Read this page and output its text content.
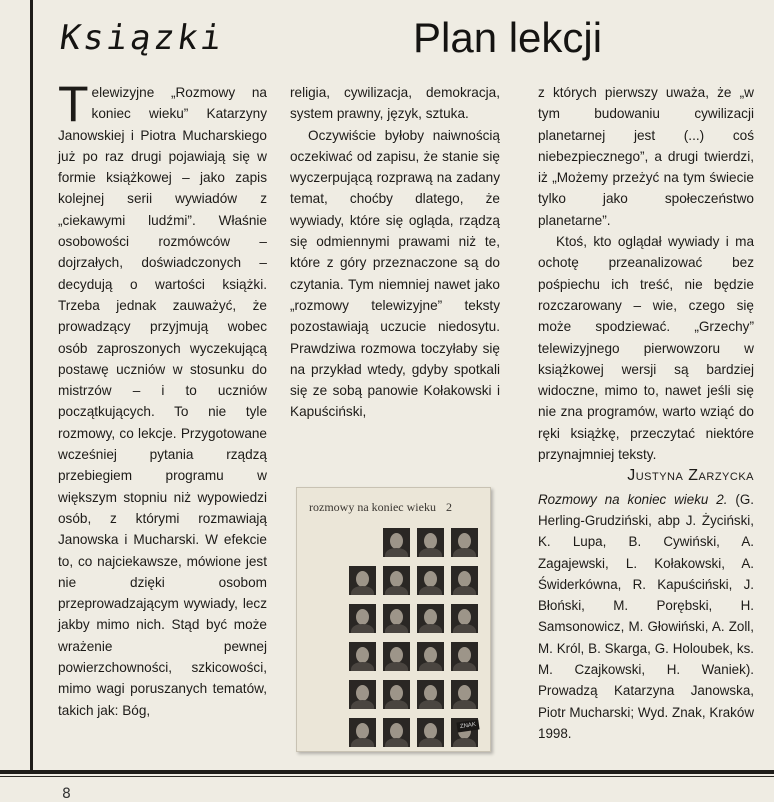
Ksiązki	Plan lekcji

Telewizyjne „Rozmowy na koniec wieku” Katarzyny Janowskiej i Piotra Mucharskiego już po raz drugi pojawiają się w formie książkowej – jako zapis kolejnej serii wywiadów z „ciekawymi ludźmi”. Właśnie osobowości rozmówców – dojrzałych, doświadczonych – decydują o wartości książki. Trzeba jednak zauważyć, że prowadzący przyjmują wobec osób zaproszonych wyczekującą postawę uczniów w stosunku do mistrzów – i to uczniów początkujących. To nie tyle rozmowy, co lekcje. Przygotowane wcześniej pytania rządzą przebiegiem programu w większym stopniu niż wypowiedzi osób, z którymi rozmawiają Janowska i Mucharski. W efekcie to, co najciekawsze, mówione jest nie dzięki osobom przeprowadzającym wywiady, lecz jakby mimo nich. Stąd być może wrażenie pewnej powierzchowności, szkicowości, mimo wagi poruszanych tematów, takich jak: Bóg,

religia, cywilizacja, demokracja, system prawny, język, sztuka.

Oczywiście byłoby naiwnością oczekiwać od zapisu, że stanie się wyczerpującą rozprawą na zadany temat, choćby dlatego, że wywiady, które się ogląda, rządzą się odmiennymi prawami niż te, które z góry przeznaczone są do czytania. Tym niemniej nawet jako „rozmowy telewizyjne” teksty pozostawiają uczucie niedosytu. Prawdziwa rozmowa toczyłaby się na przykład wtedy, gdyby spotkali się ze sobą panowie Kołakowski i Kapuściński,

z których pierwszy uważa, że „w tym budowaniu cywilizacji planetarnej jest (...) coś niebezpiecznego”, a drugi twierdzi, iż „Możemy przeżyć na tym świecie tylko jako społeczeństwo planetarne”.

Ktoś, kto oglądał wywiady i ma ochotę przeanalizować bez pośpiechu ich treść, nie będzie rozczarowany – wie, czego się może spodziewać. „Grzechy” telewizyjnego pierwowzoru w książkowej wersji są bardziej widoczne, mimo to, nawet jeśli się nie zna programów, warto wziąć do ręki książkę, przeczytać niektóre przynajmniej teksty.

Justyna Zarzycka
Rozmowy na koniec wieku 2. (G. Herling-Grudziński, abp J. Życiński, K. Lupa, B. Cywiński, A. Zagajewski, L. Kołakowski, A. Świderkówna, R. Kapuściński, J. Błoński, M. Porębski, H. Samsonowicz, M. Głowiński, A. Zoll, M. Król, B. Skarga, G. Holoubek, ks. M. Czajkowski, H. Waniek). Prowadzą Katarzyna Janowska, Piotr Mucharski; Wyd. Znak, Kraków 1998.
rozmowy na koniec wieku 2
ZNAK
8
